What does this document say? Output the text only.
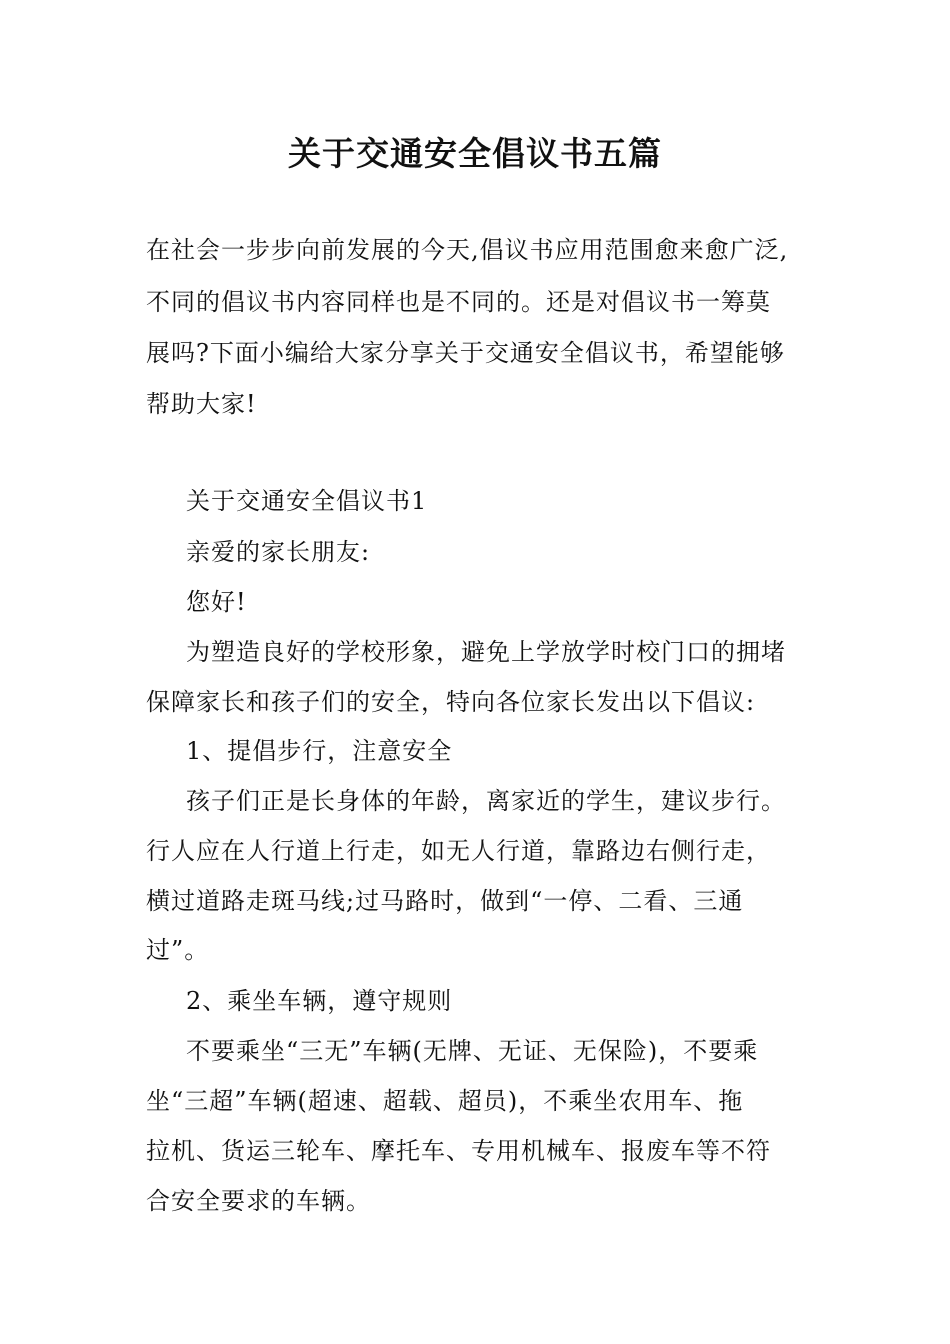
关于交通安全倡议书五篇
在社会一步步向前发展的今天,倡议书应用范围愈来愈广泛,
不同的倡议书内容同样也是不同的。还是对倡议书一筹莫
展吗?下面小编给大家分享关于交通安全倡议书，希望能够
帮助大家!
关于交通安全倡议书1
亲爱的家长朋友:
您好!
为塑造良好的学校形象，避免上学放学时校门口的拥堵
保障家长和孩子们的安全，特向各位家长发出以下倡议:
1、提倡步行，注意安全
孩子们正是长身体的年龄，离家近的学生，建议步行。
行人应在人行道上行走，如无人行道，靠路边右侧行走，
横过道路走斑马线;过马路时，做到“一停、二看、三通
过”。
2、乘坐车辆，遵守规则
不要乘坐“三无”车辆(无牌、无证、无保险)，不要乘
坐“三超”车辆(超速、超载、超员)，不乘坐农用车、拖
拉机、货运三轮车、摩托车、专用机械车、报废车等不符
合安全要求的车辆。
